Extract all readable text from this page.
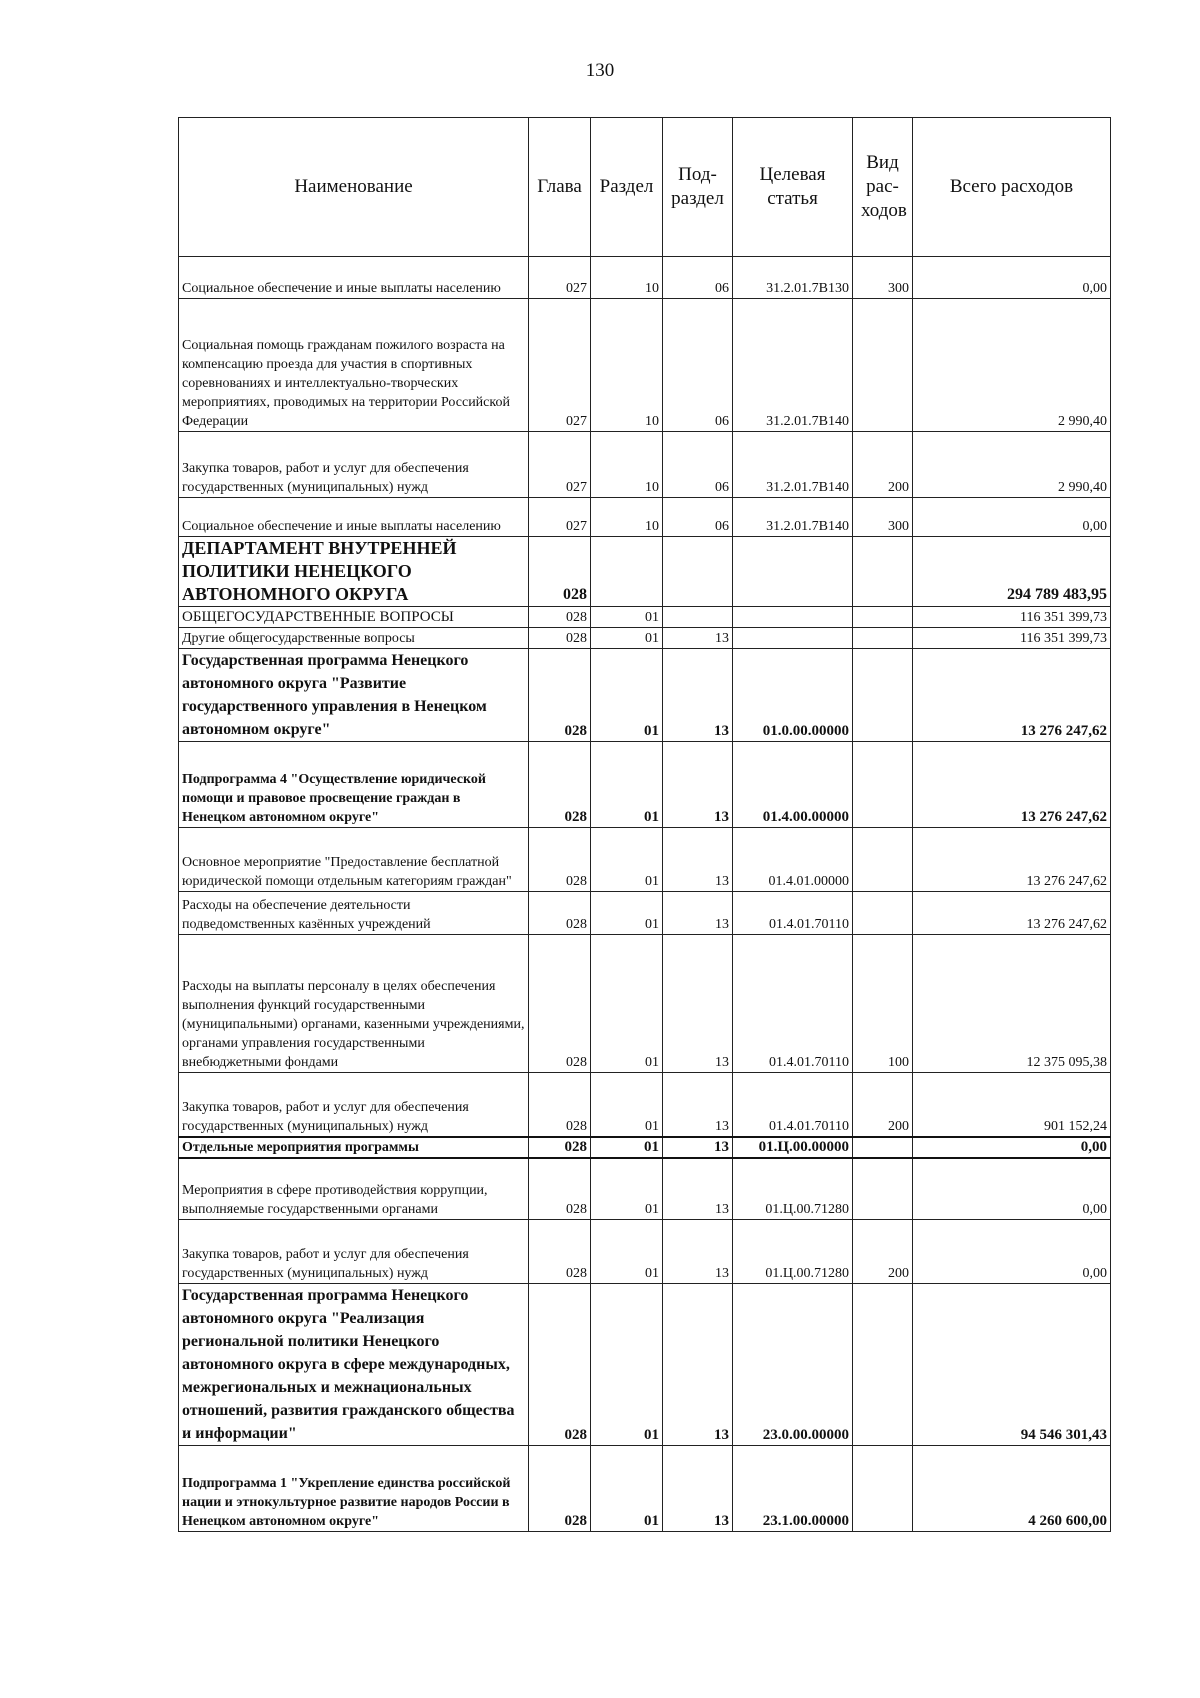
130
Наименование	Глава	Раздел	Под-раздел	Целевая статья	Вид рас-ходов	Всего расходов
Социальное обеспечение и иные выплаты населению	027	10	06	31.2.01.7В130	300	0,00
Социальная помощь гражданам пожилого возраста на компенсацию проезда для участия в спортивных соревнованиях и интеллектуально-творческих мероприятиях, проводимых на территории Российской Федерации	027	10	06	31.2.01.7В140		2 990,40
Закупка товаров, работ и услуг для обеспечения государственных (муниципальных) нужд	027	10	06	31.2.01.7В140	200	2 990,40
Социальное обеспечение и иные выплаты населению	027	10	06	31.2.01.7В140	300	0,00
ДЕПАРТАМЕНТ ВНУТРЕННЕЙ ПОЛИТИКИ НЕНЕЦКОГО АВТОНОМНОГО ОКРУГА	028					294 789 483,95
ОБЩЕГОСУДАРСТВЕННЫЕ ВОПРОСЫ	028	01				116 351 399,73
Другие общегосударственные вопросы	028	01	13			116 351 399,73
Государственная программа Ненецкого автономного округа "Развитие государственного управления в Ненецком автономном округе"	028	01	13	01.0.00.00000		13 276 247,62
Подпрограмма 4 "Осуществление юридической помощи и правовое просвещение граждан в Ненецком автономном округе"	028	01	13	01.4.00.00000		13 276 247,62
Основное мероприятие "Предоставление бесплатной юридической помощи отдельным категориям граждан"	028	01	13	01.4.01.00000		13 276 247,62
Расходы на обеспечение деятельности подведомственных казённых учреждений	028	01	13	01.4.01.70110		13 276 247,62
Расходы на выплаты персоналу в целях обеспечения выполнения функций государственными (муниципальными) органами, казенными учреждениями, органами управления государственными внебюджетными фондами	028	01	13	01.4.01.70110	100	12 375 095,38
Закупка товаров, работ и услуг для обеспечения государственных (муниципальных) нужд	028	01	13	01.4.01.70110	200	901 152,24
Отдельные мероприятия программы	028	01	13	01.Ц.00.00000		0,00
Мероприятия в сфере противодействия коррупции, выполняемые государственными органами	028	01	13	01.Ц.00.71280		0,00
Закупка товаров, работ и услуг для обеспечения государственных (муниципальных) нужд	028	01	13	01.Ц.00.71280	200	0,00
Государственная программа Ненецкого автономного округа "Реализация региональной политики Ненецкого автономного округа в сфере международных, межрегиональных и межнациональных отношений, развития гражданского общества и информации"	028	01	13	23.0.00.00000		94 546 301,43
Подпрограмма 1 "Укрепление единства российской нации и этнокультурное развитие народов России в Ненецком автономном округе"	028	01	13	23.1.00.00000		4 260 600,00
